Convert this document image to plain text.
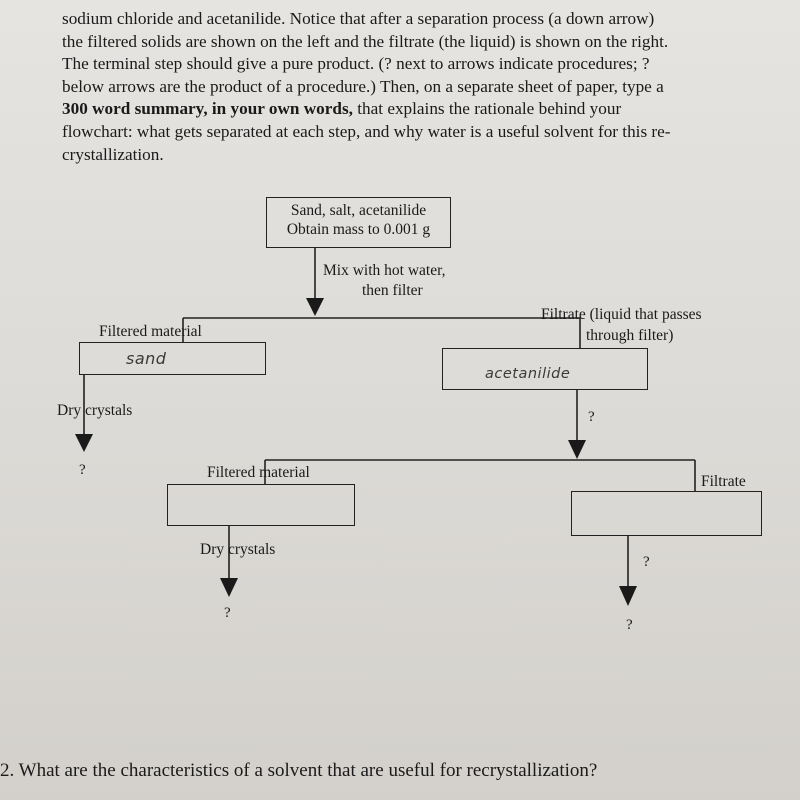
sodium chloride and acetanilide. Notice that after a separation process (a down arrow)
the filtered solids are shown on the left and the filtrate (the liquid) is shown on the right.
The terminal step should give a pure product. (? next to arrows indicate procedures; ?
below arrows are the product of a procedure.) Then, on a separate sheet of paper, type a
300 word summary, in your own words, that explains the rationale behind your
flowchart: what gets separated at each step, and why water is a useful solvent for this re-
crystallization.
Sand, salt, acetanilide
Obtain mass to 0.001 g
Mix with hot water,
then filter
Filtered material
Filtrate (liquid that passes
through filter)
sand
acetanilide
Dry crystals
?
?
Filtered material
Filtrate
Dry crystals
?
?
?
2. What are the characteristics of a solvent that are useful for recrystallization?
